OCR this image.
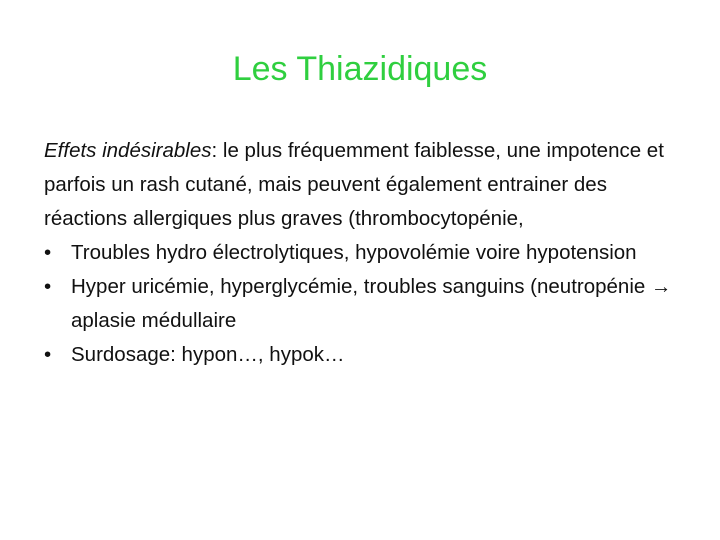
Les Thiazidiques

Effets indésirables: le plus fréquemment faiblesse, une impotence et parfois un rash cutané, mais peuvent également entrainer des réactions allergiques plus graves (thrombocytopénie,

• Troubles hydro électrolytiques, hypovolémie voire hypotension
• Hyper uricémie, hyperglycémie, troubles sanguins (neutropénie → aplasie médullaire
• Surdosage: hypon…, hypok…
